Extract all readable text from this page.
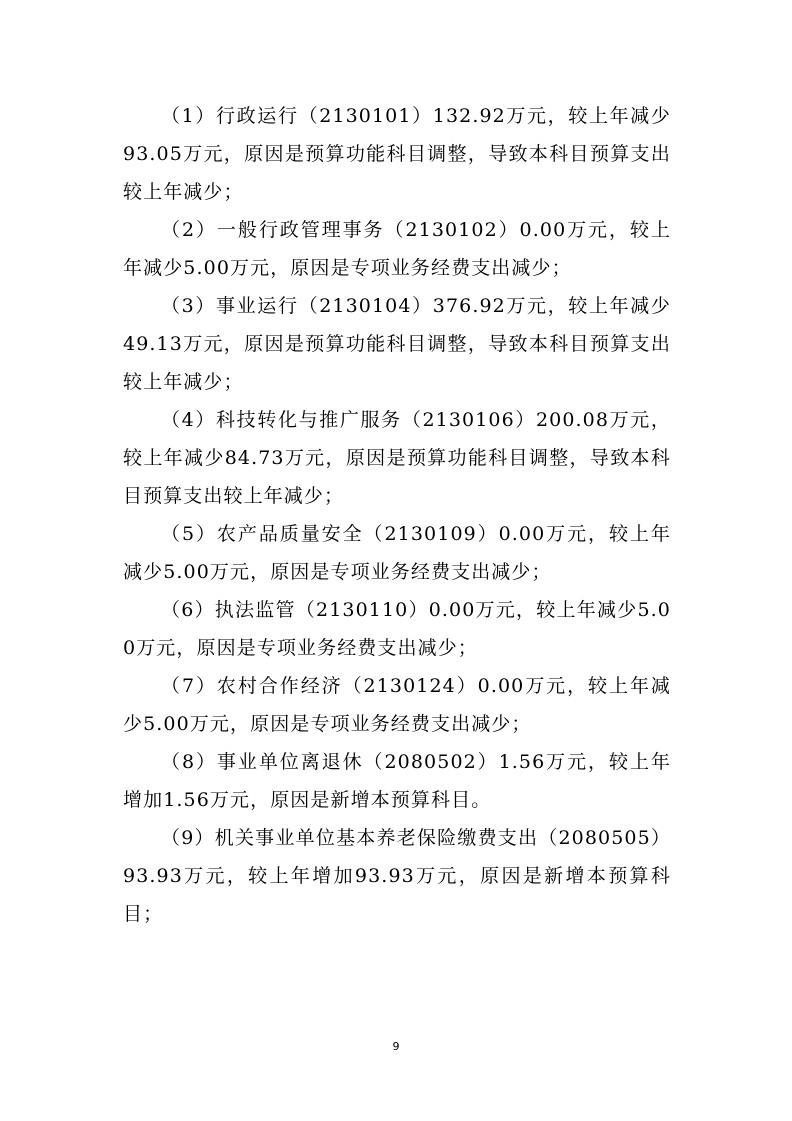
（1）行政运行（2130101）132.92万元，较上年减少93.05万元，原因是预算功能科目调整，导致本科目预算支出较上年减少；

（2）一般行政管理事务（2130102）0.00万元，较上年减少5.00万元，原因是专项业务经费支出减少；

（3）事业运行（2130104）376.92万元，较上年减少49.13万元，原因是预算功能科目调整，导致本科目预算支出较上年减少；

（4）科技转化与推广服务（2130106）200.08万元，较上年减少84.73万元，原因是预算功能科目调整，导致本科目预算支出较上年减少；

（5）农产品质量安全（2130109）0.00万元，较上年减少5.00万元，原因是专项业务经费支出减少；

（6）执法监管（2130110）0.00万元，较上年减少5.00万元，原因是专项业务经费支出减少；

（7）农村合作经济（2130124）0.00万元，较上年减少5.00万元，原因是专项业务经费支出减少；

（8）事业单位离退休（2080502）1.56万元，较上年增加1.56万元，原因是新增本预算科目。

（9）机关事业单位基本养老保险缴费支出（2080505）93.93万元，较上年增加93.93万元，原因是新增本预算科目；

9
